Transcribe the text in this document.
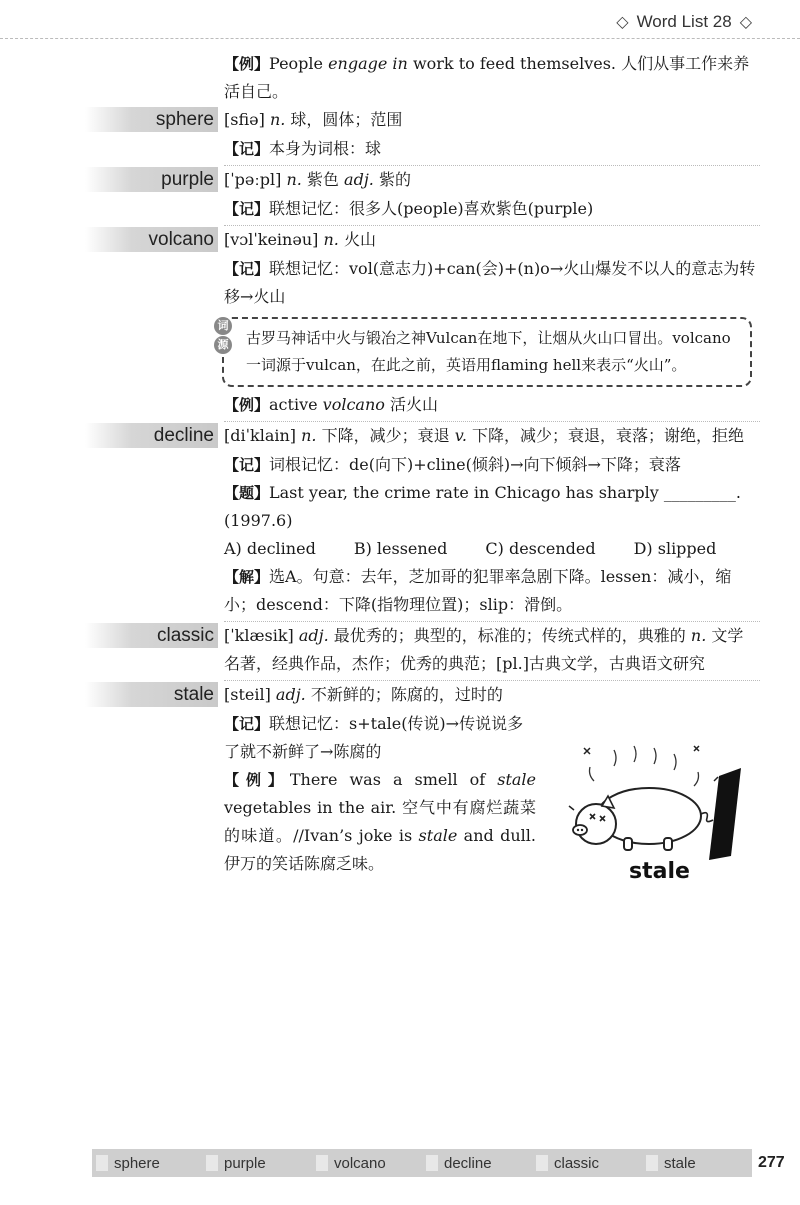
◇ Word List 28 ◇

【例】People engage in work to feed themselves. 人们从事工作来养活自己。

sphere [sfiə] n. 球，圆体；范围

【记】本身为词根：球

purple [ˈpəːpl] n. 紫色 adj. 紫的

【记】联想记忆：很多人(people)喜欢紫色(purple)

volcano [vɔlˈkeinəu] n. 火山

【记】联想记忆：vol(意志力)+can(会)+(n)o→火山爆发不以人的意志为转移→火山

词
源 古罗马神话中火与锻冶之神Vulcan在地下，让烟从火山口冒出。volcano一词源于vulcan，在此之前，英语用flaming hell来表示“火山”。

【例】active volcano 活火山

decline [diˈklain] n. 下降，减少；衰退 v. 下降，减少；衰退，衰落；谢绝，拒绝

【记】词根记忆：de(向下)+cline(倾斜)→向下倾斜→下降；衰落

【题】Last year, the crime rate in Chicago has sharply _________. (1997.6)

A) declined B) lessened C) descended D) slipped

【解】选A。句意：去年，芝加哥的犯罪率急剧下降。lessen：减小，缩小；descend：下降(指物理位置)；slip：滑倒。

classic [ˈklæsik] adj. 最优秀的；典型的，标准的；传统式样的，典雅的 n. 文学名著，经典作品，杰作；优秀的典范；[pl.]古典文学，古典语文研究

stale [steil] adj. 不新鲜的；陈腐的，过时的

【记】联想记忆：s+tale(传说)→传说说多了就不新鲜了→陈腐的

【例】There was a smell of stale vegetables in the air. 空气中有腐烂蔬菜的味道。//Ivan’s joke is stale and dull. 伊万的笑话陈腐乏味。	stale
sphere	purple	volcano	decline	classic	stale	277
